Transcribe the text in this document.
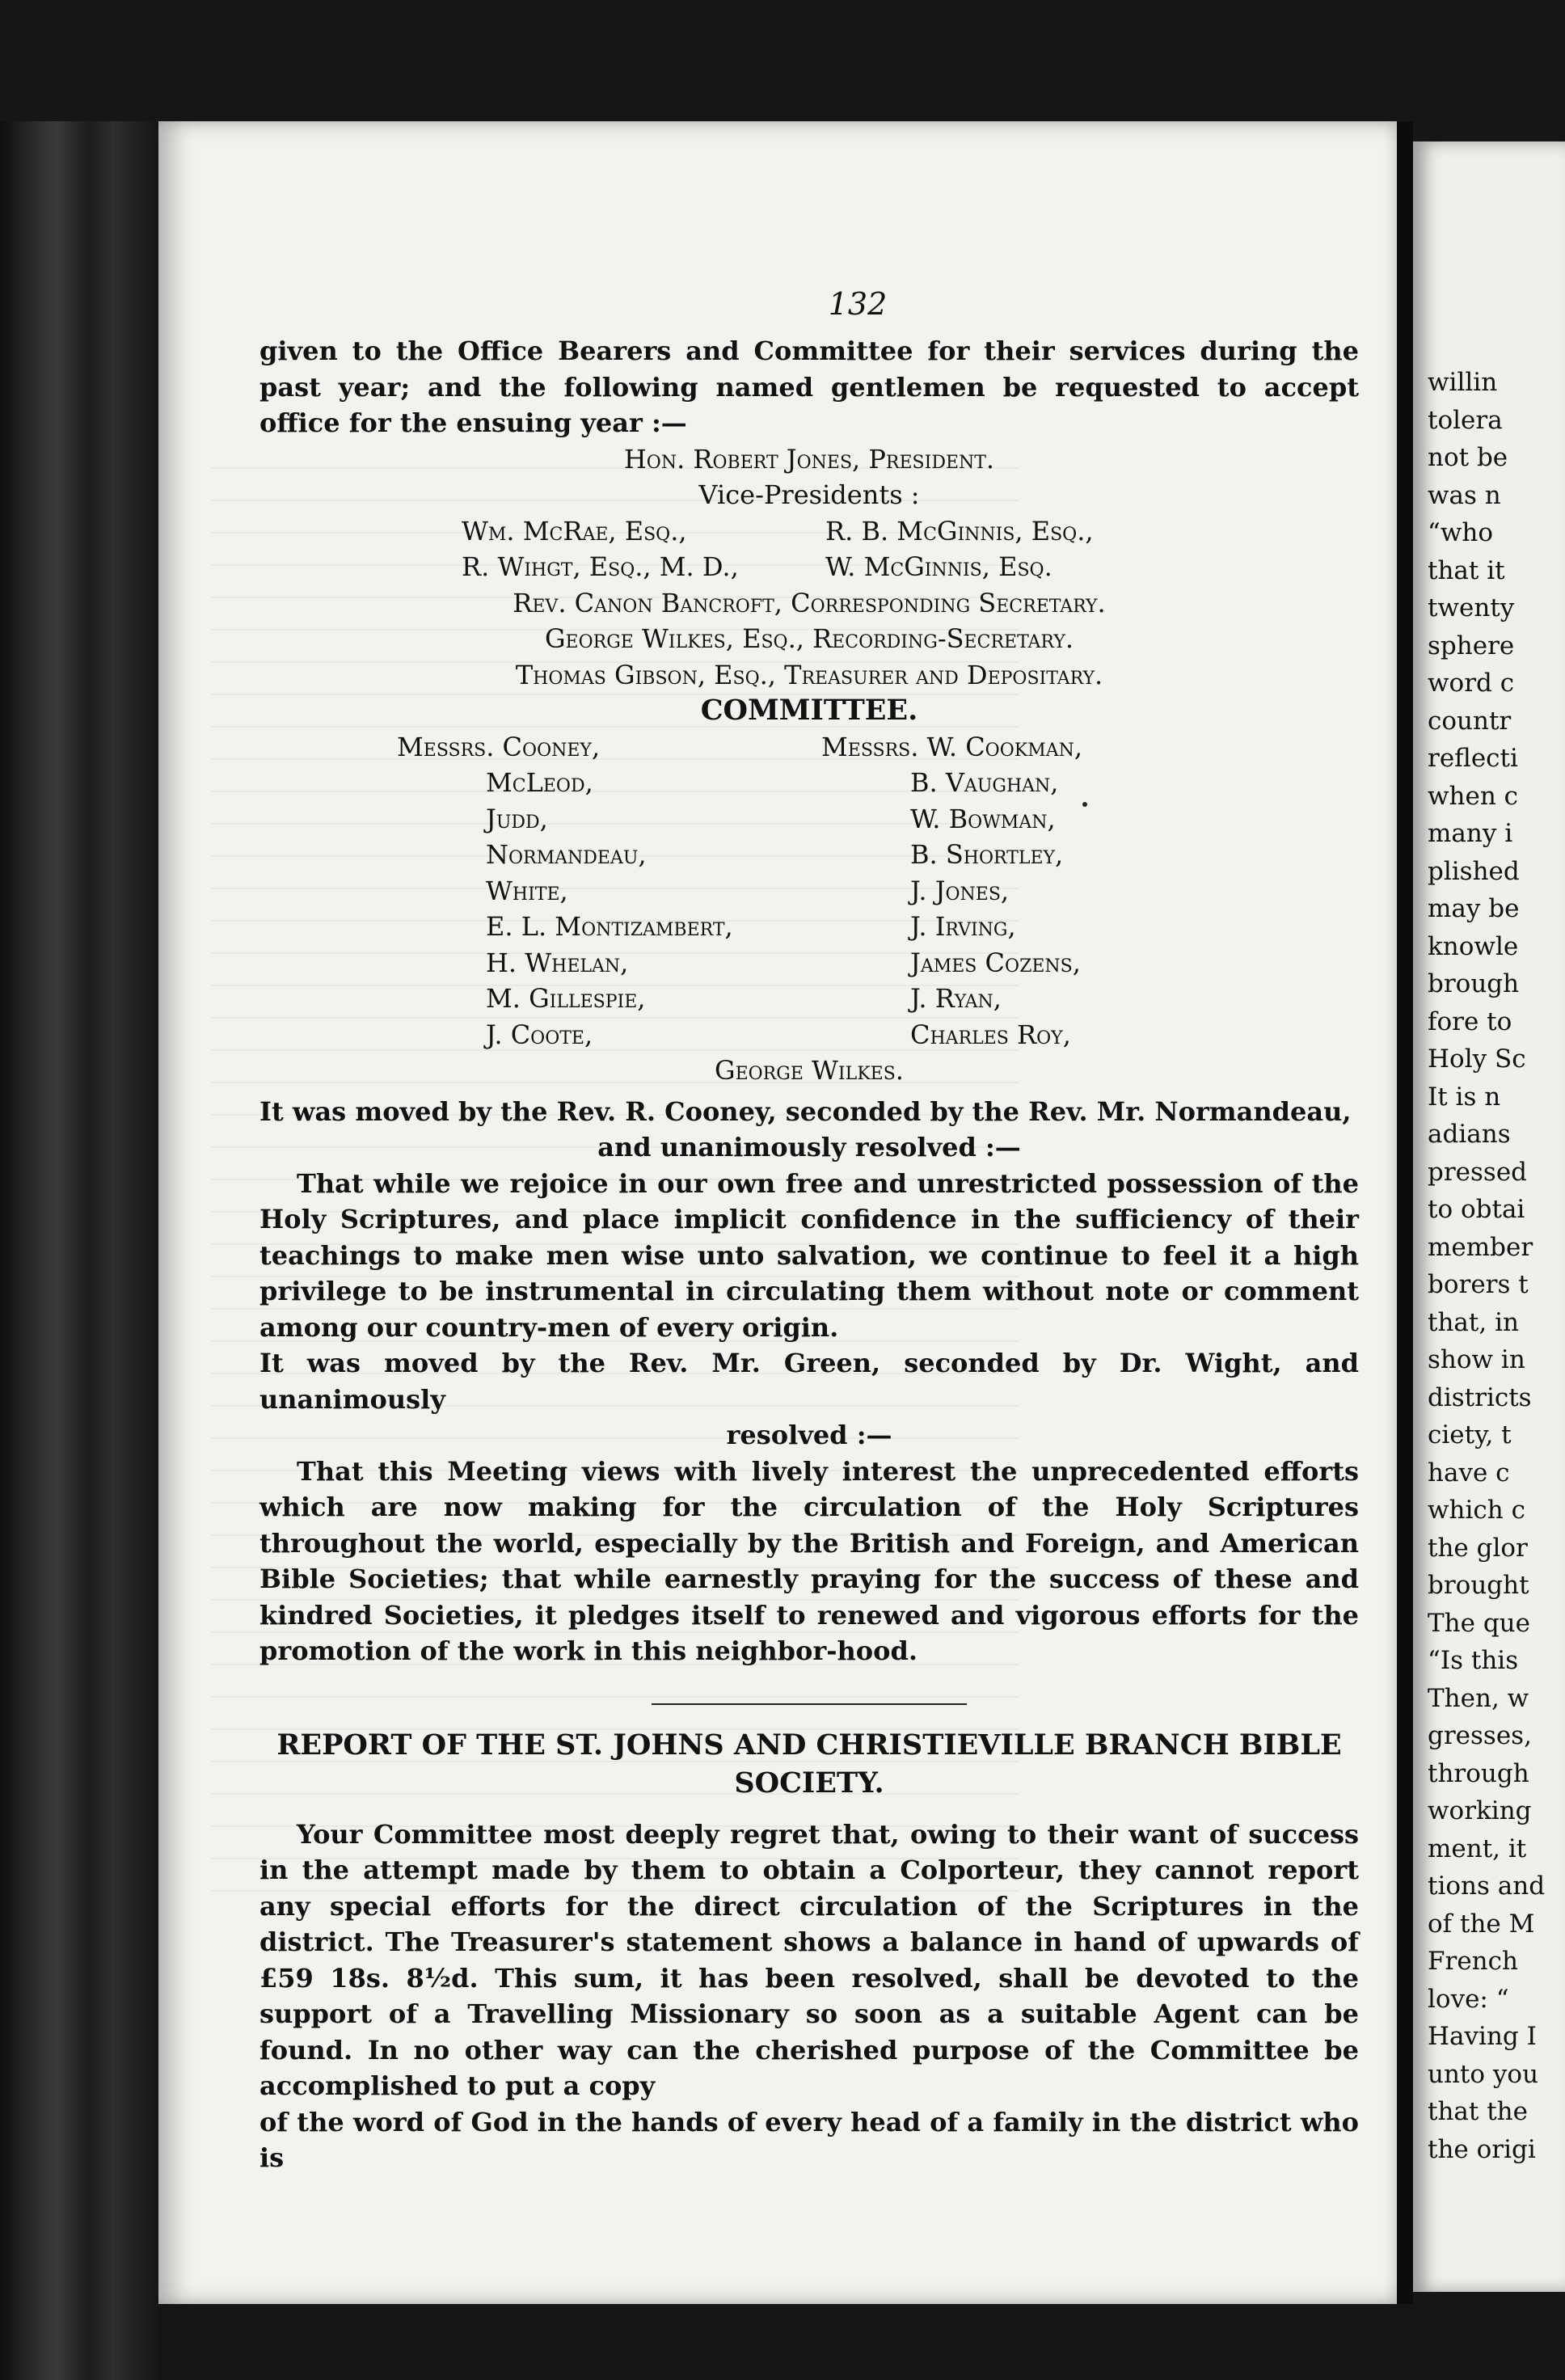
132

given to the Office Bearers and Committee for their services during the past year; and the following named gentlemen be requested to accept office for the ensuing year :—

Hon. Robert Jones, President.

Vice-Presidents :

Wm. McRae, Esq.,	R. B. McGinnis, Esq.,
R. Wihgt, Esq., M. D.,	W. McGinnis, Esq.

Rev. Canon Bancroft, Corresponding Secretary.

George Wilkes, Esq., Recording-Secretary.

Thomas Gibson, Esq., Treasurer and Depositary.

COMMITTEE.
Messrs. Cooney,
McLeod,
Judd,
Normandeau,
White,
E. L. Montizambert,
H. Whelan,
M. Gillespie,
J. Coote,
Messrs. W. Cookman,
B. Vaughan,
W. Bowman,
B. Shortley,
J. Jones,
J. Irving,
James Cozens,
J. Ryan,
Charles Roy,
George Wilkes.

It was moved by the Rev. R. Cooney, seconded by the Rev. Mr. Normandeau,
and unanimously resolved :—

That while we rejoice in our own free and unrestricted possession of the Holy Scriptures, and place implicit confidence in the sufficiency of their teachings to make men wise unto salvation, we continue to feel it a high privilege to be instrumental in circulating them without note or comment among our country-men of every origin.

It was moved by the Rev. Mr. Green, seconded by Dr. Wight, and unanimously
resolved :—

That this Meeting views with lively interest the unprecedented efforts which are now making for the circulation of the Holy Scriptures throughout the world, especially by the British and Foreign, and American Bible Societies; that while earnestly praying for the success of these and kindred Societies, it pledges itself to renewed and vigorous efforts for the promotion of the work in this neighbor-hood.

REPORT OF THE ST. JOHNS AND CHRISTIEVILLE BRANCH BIBLE
SOCIETY.

Your Committee most deeply regret that, owing to their want of success in the attempt made by them to obtain a Colporteur, they cannot report any special efforts for the direct circulation of the Scriptures in the district. The Treasurer's statement shows a balance in hand of upwards of £59 18s. 8½d. This sum, it has been resolved, shall be devoted to the support of a Travelling Missionary so soon as a suitable Agent can be found. In no other way can the cherished purpose of the Committee be accomplished to put a copy

of the word of God in the hands of every head of a family in the district who is

willin
tolera
not be
was n
“who
that it
twenty
sphere
word c
countr
reflecti
when c
many i
plished
may be
knowle
brough
fore to
Holy Sc
It is n
adians
pressed
to obtai
member
borers t
that, in
show in
districts
ciety, t
have c
which c
the glor
brought
The que
“Is this
Then, w
gresses,
through
working
ment, it
tions and
of the M
French
love: “
Having I
unto you
that the
the origi
